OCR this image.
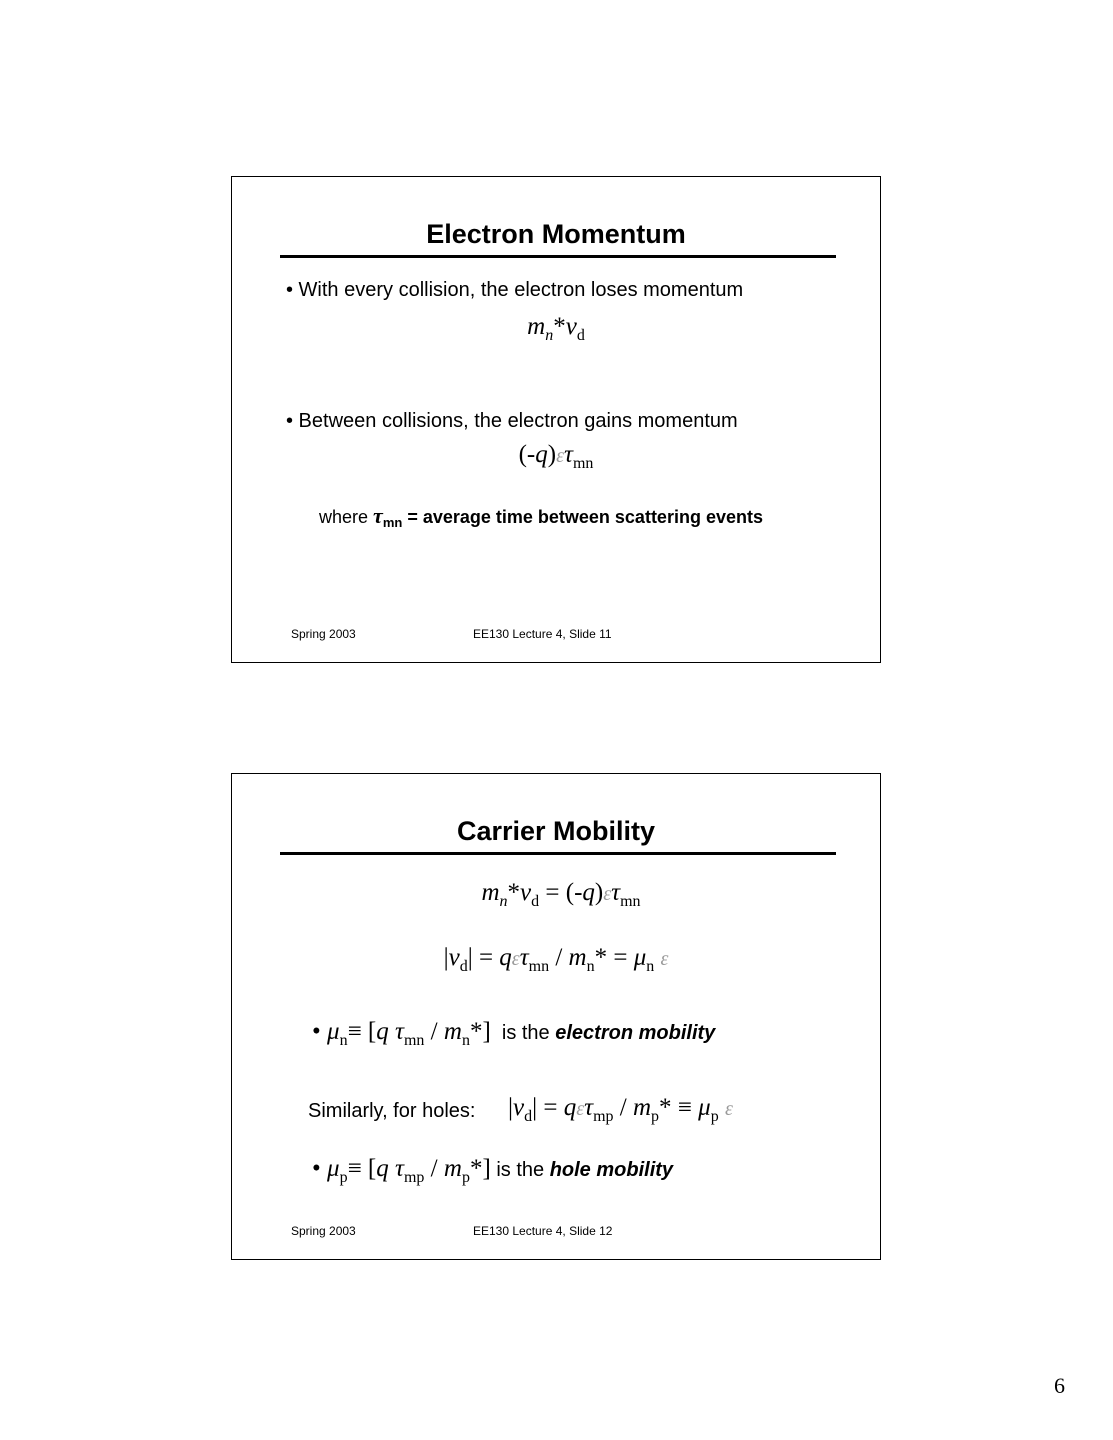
Electron Momentum
• With every collision, the electron loses momentum
$m_n*v_d$
• Between collisions, the electron gains momentum
$(-q)\varepsilon\tau_{mn}$
where $\tau_{mn}$ = average time between scattering events
Spring 2003	EE130 Lecture 4, Slide 11
Carrier Mobility
$m_n*v_d = (-q)\varepsilon\tau_{mn}$
$|v_d| = q\varepsilon\tau_{mn} / m_n* = \mu_n$ ε
• $\mu_n\equiv [q$ $\tau_{mn} / m_n*$]  is the electron mobility
Similarly, for holes: $|v_d| = q\varepsilon\tau_{mp} / m_p* \equiv \mu_p$ ε
• $\mu_p\equiv [q$ $\tau_{mp} / m_p*$] is the hole mobility
Spring 2003	EE130 Lecture 4, Slide 12
6
